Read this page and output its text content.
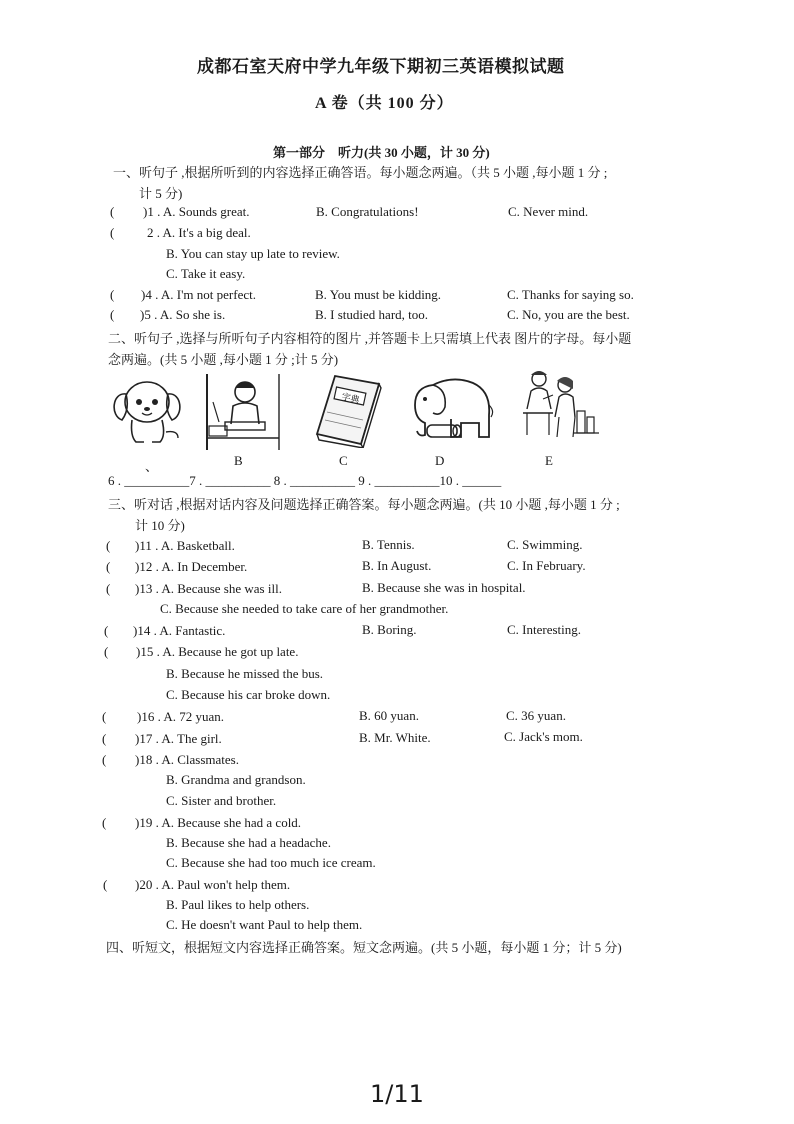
成都石室天府中学九年级下期初三英语模拟试题
A 卷（共 100 分）
第一部分　听力(共 30 小题，计 30 分)
一、听句子 ,根据所听到的内容选择正确答语。每小题念两遍。（共 5 小题 ,每小题 1 分 ;
计 5 分)
( )1 . A. Sounds great.	B. Congratulations!	C. Never mind.
(	2 . A. It's a big deal.
B. You can stay up late to review.
C. Take it easy.
( )4 . A. I'm not perfect.	B. You must be kidding.	C. Thanks for saying so.
( )5 . A. So she is.	B. I studied hard, too.	C. No, you are the best.
二、听句子 ,选择与所听句子内容相符的图片 ,并答题卡上只需填上代表 图片的字母。每小题
念两遍。(共 5 小题 ,每小题 1 分 ;计 5 分)
字典
、	B	C	D	E
6 . __________7 . __________ 8 . __________ 9 . __________10 . ______
三、听对话 ,根据对话内容及问题选择正确答案。每小题念两遍。(共 10 小题 ,每小题 1 分 ;
计 10 分)
( )11 . A. Basketball.	B. Tennis.	C. Swimming.
( )12 . A. In December.	B. In August.	C. In February.
( )13 . A. Because she was ill.	B. Because she was in hospital.
C. Because she needed to take care of her grandmother.
( )14 . A. Fantastic.	B. Boring.	C. Interesting.
( )15 . A. Because he got up late.
B. Because he missed the bus.
C. Because his car broke down.
( )16 . A. 72 yuan.	B. 60 yuan.	C. 36 yuan.
( )17 . A. The girl.	B. Mr. White.	C. Jack's mom.
( )18 . A. Classmates.
B. Grandma and grandson.
C. Sister and brother.
( )19 . A. Because she had a cold.
B. Because she had a headache.
C. Because she had too much ice cream.
( )20 . A. Paul won't help them.
B. Paul likes to help others.
C. He doesn't want Paul to help them.
四、听短文，根据短文内容选择正确答案。短文念两遍。(共 5 小题，每小题 1 分；计 5 分)
1/11
